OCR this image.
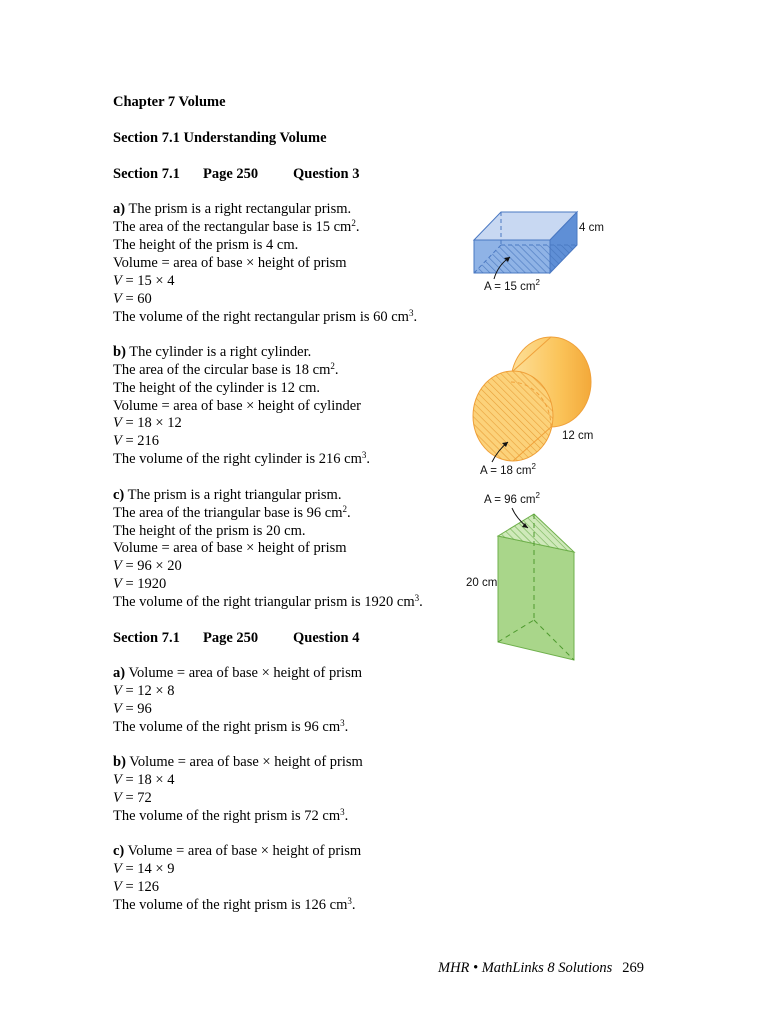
Chapter 7 Volume
Section 7.1 Understanding Volume
Section 7.1 Page 250 Question 3
a) The prism is a right rectangular prism.
The area of the rectangular base is 15 $cm^2$.
The height of the prism is 4 cm.
Volume = area of base × height of prism
V = 15 × 4
V = 60
The volume of the right rectangular prism is 60 $cm^3$.
4 cm
A = 15 $cm^2$
b) The cylinder is a right cylinder.
The area of the circular base is 18 $cm^2$.
The height of the cylinder is 12 cm.
Volume = area of base × height of cylinder
V = 18 × 12
V = 216
The volume of the right cylinder is 216 $cm^3$.
12 cm
A = 18 $cm^2$
c) The prism is a right triangular prism.
The area of the triangular base is 96 $cm^2$.
The height of the prism is 20 cm.
Volume = area of base × height of prism
V = 96 × 20
V = 1920
The volume of the right triangular prism is 1920 $cm^3$.
A = 96 $cm^2$
20 cm
Section 7.1 Page 250 Question 4
a) Volume = area of base × height of prism
V = 12 × 8
V = 96
The volume of the right prism is 96 $cm^3$.
b) Volume = area of base × height of prism
V = 18 × 4
V = 72
The volume of the right prism is 72 $cm^3$.
c) Volume = area of base × height of prism
V = 14 × 9
V = 126
The volume of the right prism is 126 $cm^3$.
MHR • MathLinks 8 Solutions 269
